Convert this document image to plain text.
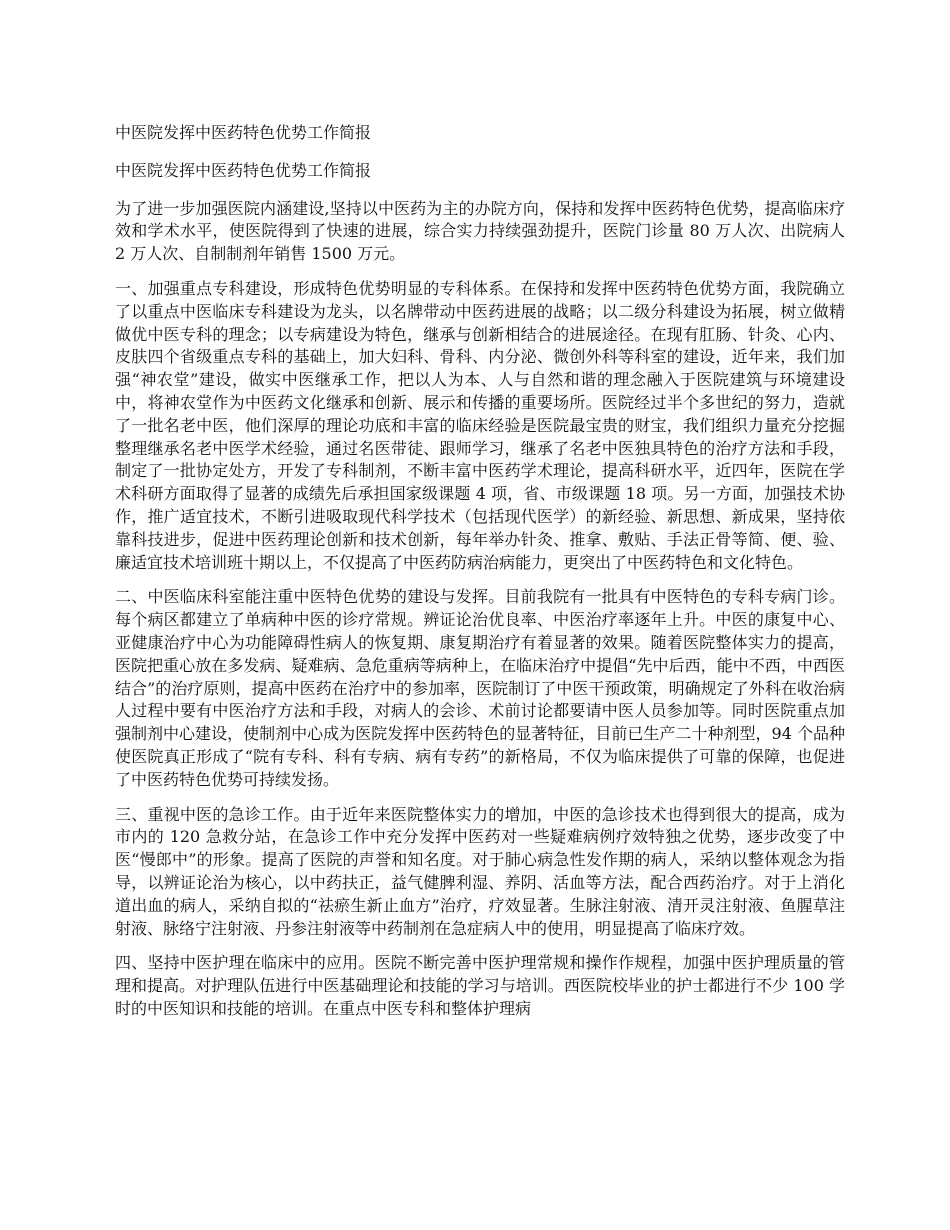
中医院发挥中医药特色优势工作简报
中医院发挥中医药特色优势工作简报

为了进一步加强医院内涵建设,坚持以中医药为主的办院方向，保持和发挥中医药特色优势，提高临床疗效和学术水平，使医院得到了快速的进展，综合实力持续强劲提升，医院门诊量 80 万人次、出院病人 2 万人次、自制制剂年销售 1500 万元。

一、加强重点专科建设，形成特色优势明显的专科体系。在保持和发挥中医药特色优势方面，我院确立了以重点中医临床专科建设为龙头，以名牌带动中医药进展的战略；以二级分科建设为拓展，树立做精做优中医专科的理念；以专病建设为特色，继承与创新相结合的进展途径。在现有肛肠、针灸、心内、皮肤四个省级重点专科的基础上，加大妇科、骨科、内分泌、微创外科等科室的建设，近年来，我们加强“神农堂”建设，做实中医继承工作，把以人为本、人与自然和谐的理念融入于医院建筑与环境建设中，将神农堂作为中医药文化继承和创新、展示和传播的重要场所。医院经过半个多世纪的努力，造就了一批名老中医，他们深厚的理论功底和丰富的临床经验是医院最宝贵的财宝，我们组织力量充分挖掘整理继承名老中医学术经验，通过名医带徒、跟师学习，继承了名老中医独具特色的治疗方法和手段，制定了一批协定处方，开发了专科制剂，不断丰富中医药学术理论，提高科研水平，近四年，医院在学术科研方面取得了显著的成绩先后承担国家级课题 4 项，省、市级课题 18 项。另一方面，加强技术协作，推广适宜技术，不断引进吸取现代科学技术（包括现代医学）的新经验、新思想、新成果，坚持依靠科技进步，促进中医药理论创新和技术创新，每年举办针灸、推拿、敷贴、手法正骨等简、便、验、廉适宜技术培训班十期以上，不仅提高了中医药防病治病能力，更突出了中医药特色和文化特色。

二、中医临床科室能注重中医特色优势的建设与发挥。目前我院有一批具有中医特色的专科专病门诊。每个病区都建立了单病种中医的诊疗常规。辨证论治优良率、中医治疗率逐年上升。中医的康复中心、亚健康治疗中心为功能障碍性病人的恢复期、康复期治疗有着显著的效果。随着医院整体实力的提高，医院把重心放在多发病、疑难病、急危重病等病种上，在临床治疗中提倡“先中后西，能中不西，中西医结合”的治疗原则，提高中医药在治疗中的参加率，医院制订了中医干预政策，明确规定了外科在收治病人过程中要有中医治疗方法和手段，对病人的会诊、术前讨论都要请中医人员参加等。同时医院重点加强制剂中心建设，使制剂中心成为医院发挥中医药特色的显著特征，目前已生产二十种剂型，94 个品种使医院真正形成了“院有专科、科有专病、病有专药”的新格局，不仅为临床提供了可靠的保障，也促进了中医药特色优势可持续发扬。

三、重视中医的急诊工作。由于近年来医院整体实力的增加，中医的急诊技术也得到很大的提高，成为市内的 120 急救分站，在急诊工作中充分发挥中医药对一些疑难病例疗效特独之优势，逐步改变了中医“慢郎中”的形象。提高了医院的声誉和知名度。对于肺心病急性发作期的病人，采纳以整体观念为指导，以辨证论治为核心，以中药扶正，益气健脾利湿、养阴、活血等方法，配合西药治疗。对于上消化道出血的病人，采纳自拟的“祛瘀生新止血方”治疗，疗效显著。生脉注射液、清开灵注射液、鱼腥草注射液、脉络宁注射液、丹参注射液等中药制剂在急症病人中的使用，明显提高了临床疗效。

四、坚持中医护理在临床中的应用。医院不断完善中医护理常规和操作作规程，加强中医护理质量的管理和提高。对护理队伍进行中医基础理论和技能的学习与培训。西医院校毕业的护士都进行不少 100 学时的中医知识和技能的培训。在重点中医专科和整体护理病
